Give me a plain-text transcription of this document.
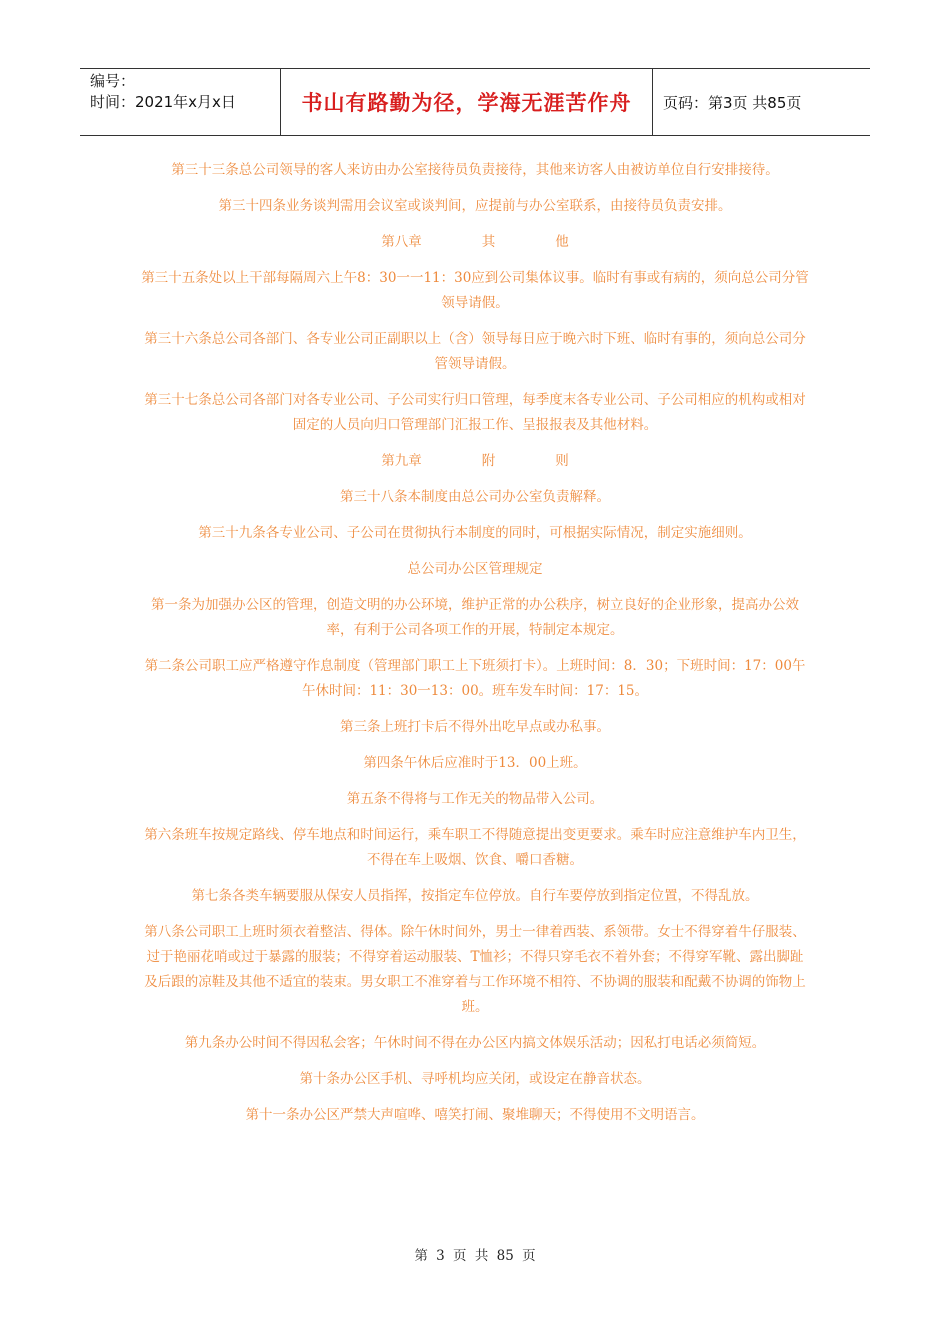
编号：
时间：2021年x月x日	书山有路勤为径，学海无涯苦作舟	页码：第3页 共85页

第三十三条总公司领导的客人来访由办公室接待员负责接待，其他来访客人由被访单位自行安排接待。

第三十四条业务谈判需用会议室或谈判间，应提前与办公室联系，由接待员负责安排。

第八章	其	他

第三十五条处以上干部每隔周六上午8：30一一11：30应到公司集体议事。临时有事或有病的，须向总公司分管领导请假。

第三十六条总公司各部门、各专业公司正副职以上（含）领导每日应于晚六时下班、临时有事的，须向总公司分管领导请假。

第三十七条总公司各部门对各专业公司、子公司实行归口管理，每季度末各专业公司、子公司相应的机构或相对固定的人员向归口管理部门汇报工作、呈报报表及其他材料。

第九章	附	则

第三十八条本制度由总公司办公室负责解释。

第三十九条各专业公司、子公司在贯彻执行本制度的同时，可根据实际情况，制定实施细则。

总公司办公区管理规定

第一条为加强办公区的管理，创造文明的办公环境，维护正常的办公秩序，树立良好的企业形象，提高办公效率，有利于公司各项工作的开展，特制定本规定。

第二条公司职工应严格遵守作息制度（管理部门职工上下班须打卡）。上班时间：8．30；下班时间：17：00午午休时间：11：30一13：00。班车发车时间：17：15。

第三条上班打卡后不得外出吃早点或办私事。

第四条午休后应准时于13．00上班。

第五条不得将与工作无关的物品带入公司。

第六条班车按规定路线、停车地点和时间运行，乘车职工不得随意提出变更要求。乘车时应注意维护车内卫生，不得在车上吸烟、饮食、嚼口香糖。

第七条各类车辆要服从保安人员指挥，按指定车位停放。自行车要停放到指定位置，不得乱放。

第八条公司职工上班时须衣着整洁、得体。除午休时间外，男士一律着西装、系领带。女士不得穿着牛仔服装、过于艳丽花哨或过于暴露的服装；不得穿着运动服装、T恤衫；不得只穿毛衣不着外套；不得穿军靴、露出脚趾及后跟的凉鞋及其他不适宜的装束。男女职工不准穿着与工作环境不相符、不协调的服装和配戴不协调的饰物上班。

第九条办公时间不得因私会客；午休时间不得在办公区内搞文体娱乐活动；因私打电话必须简短。

第十条办公区手机、寻呼机均应关闭，或设定在静音状态。

第十一条办公区严禁大声喧哗、嘻笑打闹、聚堆聊天；不得使用不文明语言。

第 3 页 共 85 页
